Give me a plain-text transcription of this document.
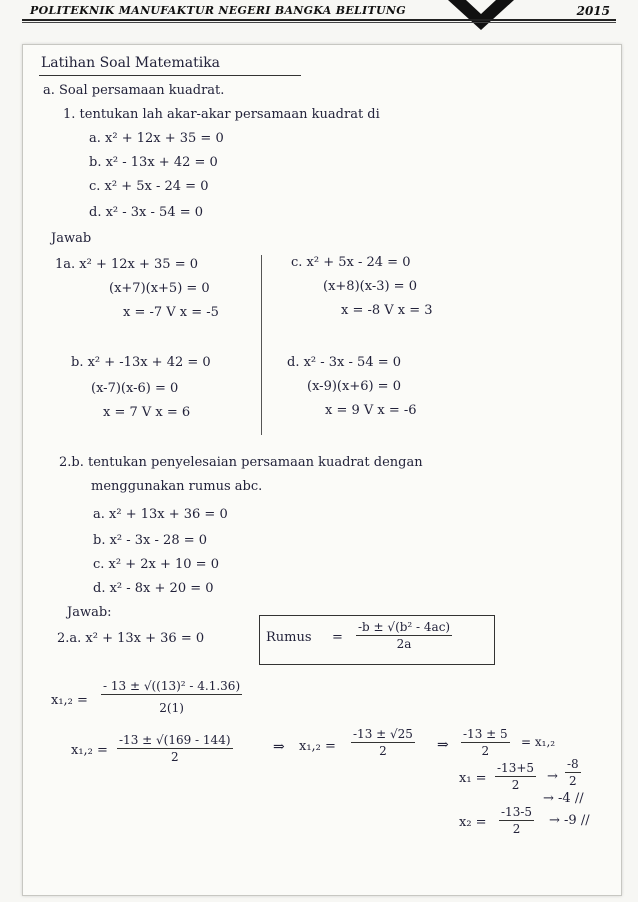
POLITEKNIK MANUFAKTUR NEGERI BANGKA BELITUNG	2015
Latihan Soal Matematika
a. Soal persamaan kuadrat.
1. tentukan lah akar-akar persamaan kuadrat di
a. x² + 12x + 35 = 0
b. x² - 13x + 42 = 0
c. x² + 5x - 24 = 0
d. x² - 3x - 54 = 0
Jawab
1a. x² + 12x + 35 = 0
(x+7)(x+5) = 0
x = -7 V x = -5
c. x² + 5x - 24 = 0
(x+8)(x-3) = 0
x = -8 V x = 3
b. x² + -13x + 42 = 0
(x-7)(x-6) = 0
x = 7 V x = 6
d. x² - 3x - 54 = 0
(x-9)(x+6) = 0
x = 9 V x = -6
2.b. tentukan penyelesaian persamaan kuadrat dengan
menggunakan rumus abc.
a. x² + 13x + 36 = 0
b. x² - 3x - 28 = 0
c. x² + 2x + 10 = 0
d. x² - 8x + 20 = 0
Jawab:
2.a. x² + 13x + 36 = 0	Rumus = $\frac{\text{-b ± √(b² - 4ac)}}{2a}$
$x_1,_2 = \frac{\text{- 13 ± √((13)² - 4.1.36)}}{2(1)}$
$x_1,_2 = \frac{-13 \pm √(169 - 144)}{2}$	⇒ $x_1,_2 = \frac{-13 \pm √25}{2}$ ⇒ $\frac{-13 \pm 5}{2} = x_1,_2$
$x_1 = \frac{-13+5}{2} \to \frac{-8}{2}$
→ -4 //
$x_2 = \frac{-13-5}{2} \to -9$ //
